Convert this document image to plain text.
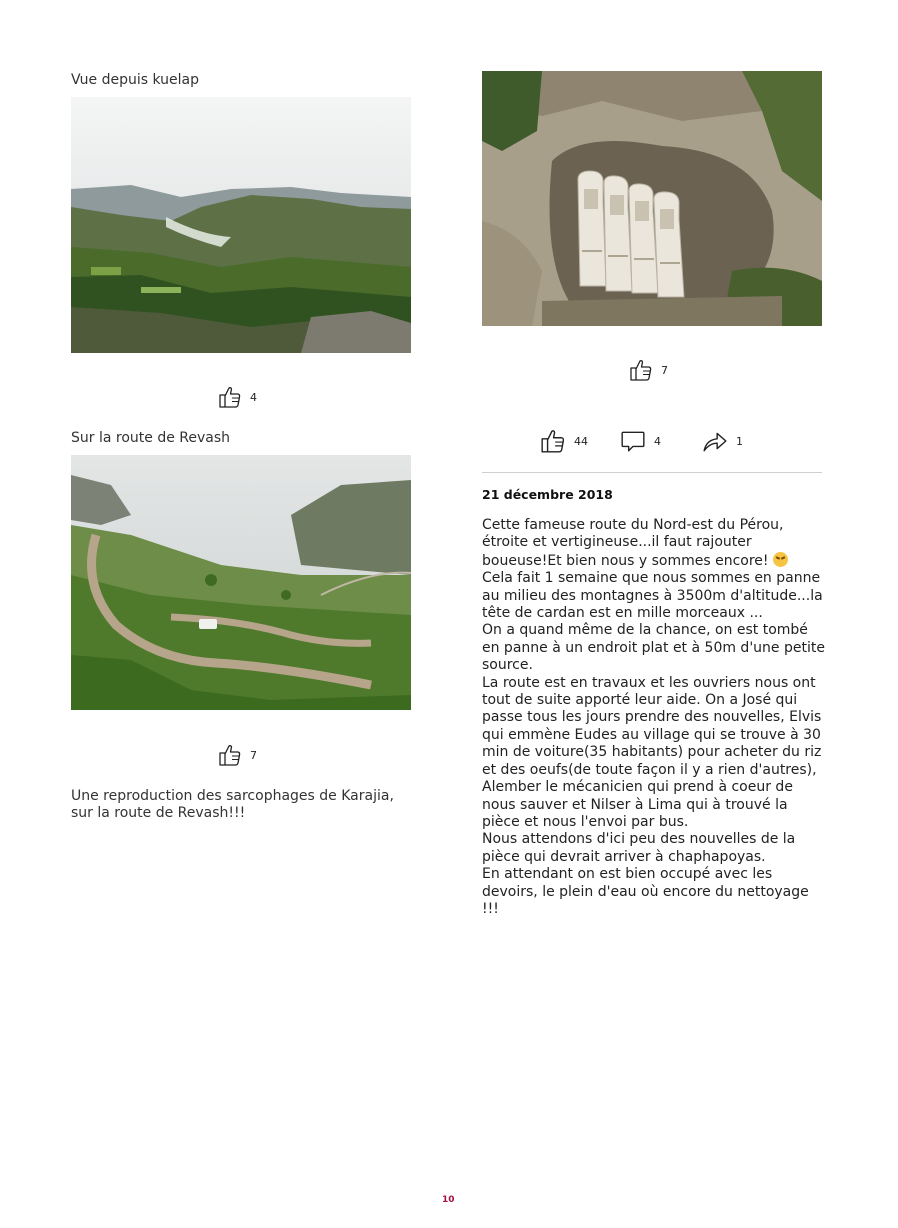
Vue depuis kuelap
4
Sur la route de Revash
7
Une reproduction des sarcophages de Karajia, sur la route de Revash!!!
7
44	4	1
21 décembre 2018

Cette fameuse route du Nord-est du Pérou, étroite et vertigineuse...il faut rajouter boueuse!Et bien nous y sommes encore!

Cela fait 1 semaine que nous sommes en panne au milieu des montagnes à 3500m d'altitude...la tête de cardan est en mille morceaux ...

On a quand même de la chance, on est tombé en panne à un endroit plat et à 50m d'une petite source.

La route est en travaux et les ouvriers nous ont tout de suite apporté leur aide. On a José qui passe tous les jours prendre des nouvelles, Elvis qui emmène Eudes au village qui se trouve à 30 min de voiture(35 habitants) pour acheter du riz et des oeufs(de toute façon il y a rien d'autres), Alember le mécanicien qui prend à coeur de nous sauver et Nilser à Lima qui à trouvé la pièce et nous l'envoi par bus.

Nous attendons d'ici peu des nouvelles de la pièce qui devrait arriver à chaphapoyas.

En attendant on est bien occupé avec les devoirs, le plein d'eau où encore du nettoyage !!!

10
